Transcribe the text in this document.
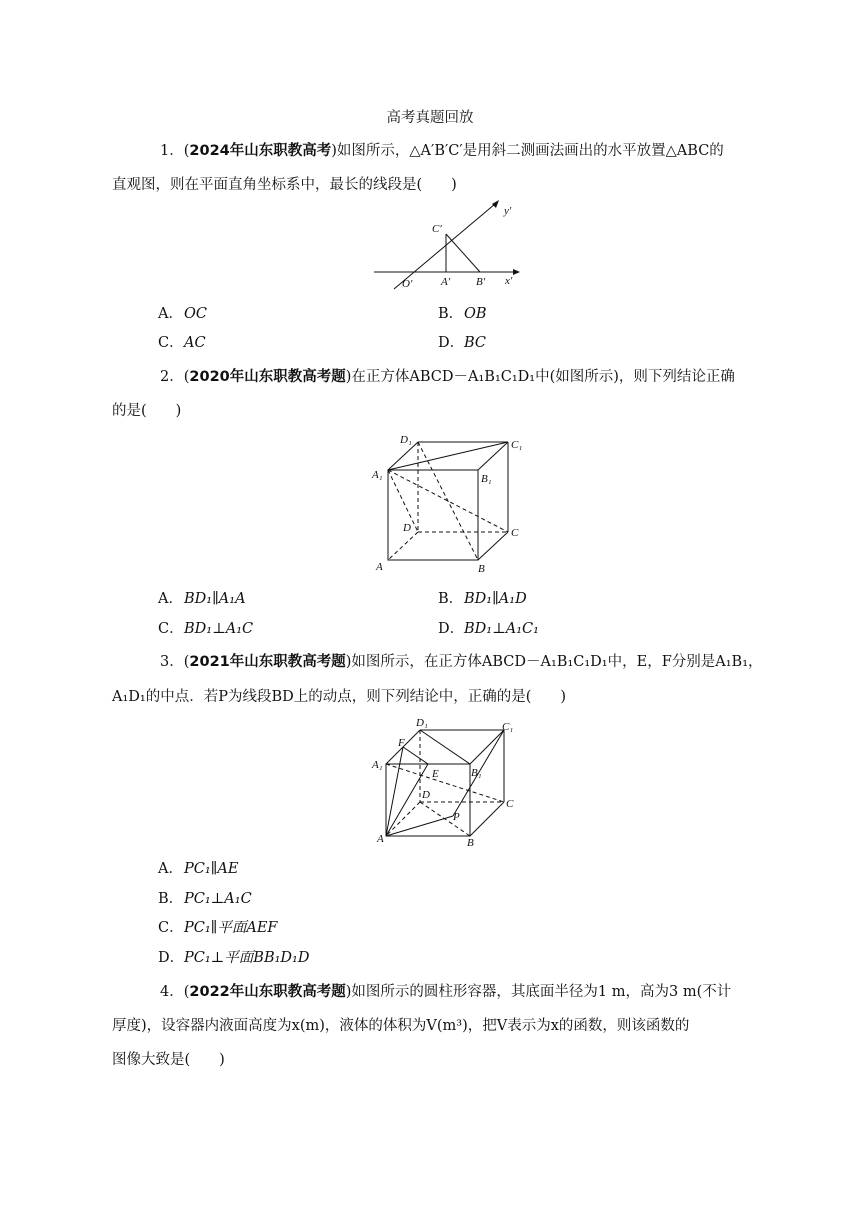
高考真题回放
1．(2024年山东职教高考)如图所示，△A′B′C′是用斜二测画法画出的水平放置△ABC的
直观图，则在平面直角坐标系中，最长的线段是(　　)
C′
A′ B′
O′	x′
y′
A．OC	B．OB
C．AC	D．BC
2．(2020年山东职教高考题)在正方体ABCD－A₁B₁C₁D₁中(如图所示)，则下列结论正确
的是(　　)
D₁	C₁
A₁	B₁
D	C
A	B
A．BD₁∥A₁A	B．BD₁∥A₁D
C．BD₁⊥A₁C	D．BD₁⊥A₁C₁
3．(2021年山东职教高考题)如图所示，在正方体ABCD－A₁B₁C₁D₁中，E，F分别是A₁B₁，
A₁D₁的中点．若P为线段BD上的动点，则下列结论中，正确的是(　　)
D₁	C₁
F
E
A₁
B₁
D
C
P
A	B
A．PC₁∥AE
B．PC₁⊥A₁C
C．PC₁∥平面AEF
D．PC₁⊥平面BB₁D₁D
4．(2022年山东职教高考题)如图所示的圆柱形容器，其底面半径为1 m，高为3 m(不计
厚度)，设容器内液面高度为x(m)，液体的体积为V(m³)，把V表示为x的函数，则该函数的
图像大致是(　　)
